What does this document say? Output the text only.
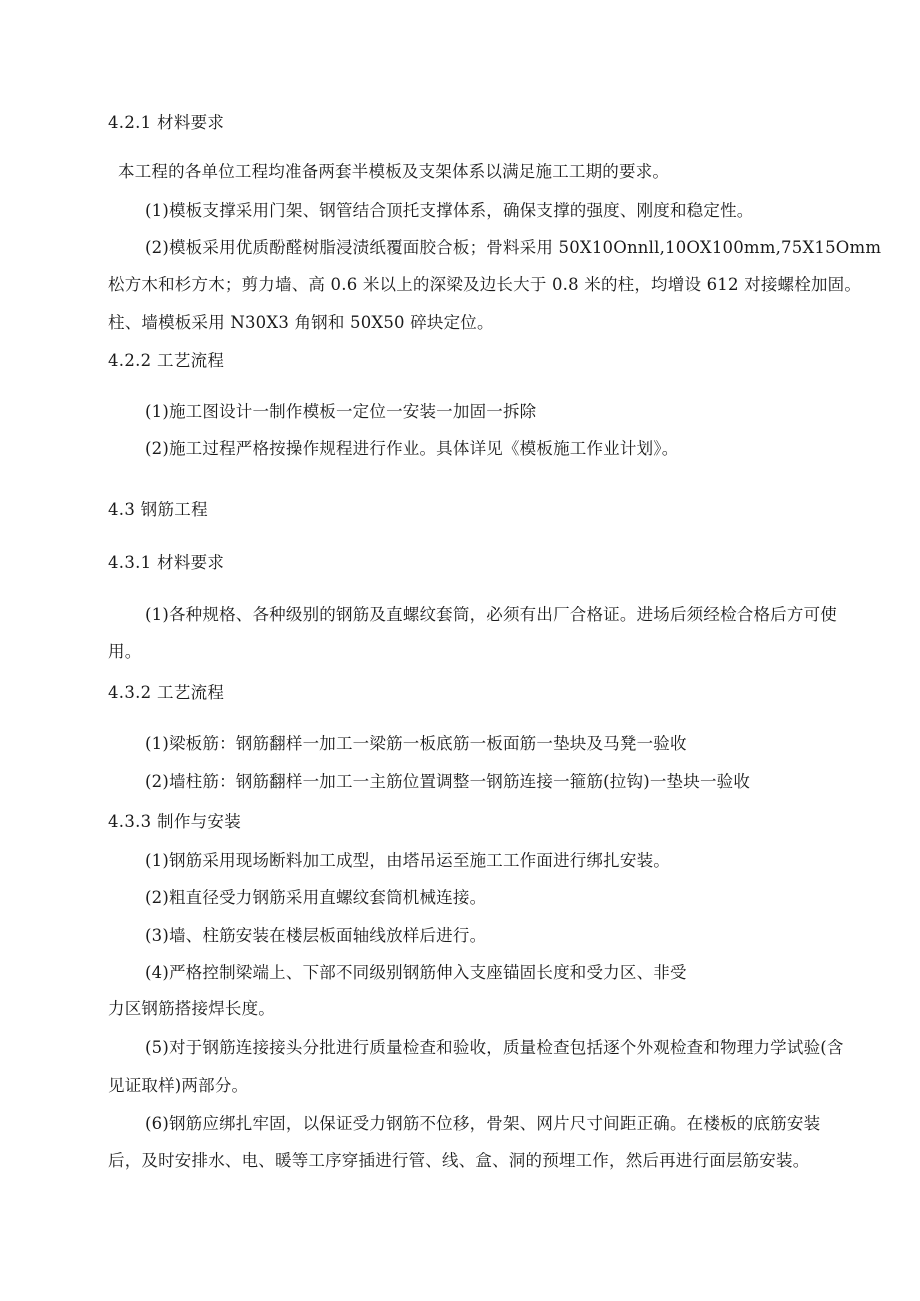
4.2.1 材料要求
本工程的各单位工程均准备两套半模板及支架体系以满足施工工期的要求。
(1)模板支撑采用门架、钢管结合顶托支撑体系，确保支撑的强度、刚度和稳定性。
(2)模板采用优质酚醛树脂浸渍纸覆面胶合板；骨料采用 50X10Onnll,10OX100mm,75X15Omm
松方木和杉方木；剪力墙、高 0.6 米以上的深梁及边长大于 0.8 米的柱，均增设 612 对接螺栓加固。
柱、墙模板采用 N30X3 角钢和 50X50 碎块定位。
4.2.2 工艺流程
(1)施工图设计一制作模板一定位一安装一加固一拆除
(2)施工过程严格按操作规程进行作业。具体详见《模板施工作业计划》。
4.3 钢筋工程
4.3.1 材料要求
(1)各种规格、各种级别的钢筋及直螺纹套筒，必须有出厂合格证。进场后须经检合格后方可使
用。
4.3.2 工艺流程
(1)梁板筋：钢筋翻样一加工一梁筋一板底筋一板面筋一垫块及马凳一验收
(2)墙柱筋：钢筋翻样一加工一主筋位置调整一钢筋连接一箍筋(拉钩)一垫块一验收
4.3.3 制作与安装
(1)钢筋采用现场断料加工成型，由塔吊运至施工工作面进行绑扎安装。
(2)粗直径受力钢筋采用直螺纹套筒机械连接。
(3)墙、柱筋安装在楼层板面轴线放样后进行。
(4)严格控制梁端上、下部不同级别钢筋伸入支座锚固长度和受力区、非受
力区钢筋搭接焊长度。
(5)对于钢筋连接接头分批进行质量检查和验收，质量检查包括逐个外观检查和物理力学试验(含
见证取样)两部分。
(6)钢筋应绑扎牢固，以保证受力钢筋不位移，骨架、网片尺寸间距正确。在楼板的底筋安装
后，及时安排水、电、暖等工序穿插进行管、线、盒、洞的预埋工作，然后再进行面层筋安装。
